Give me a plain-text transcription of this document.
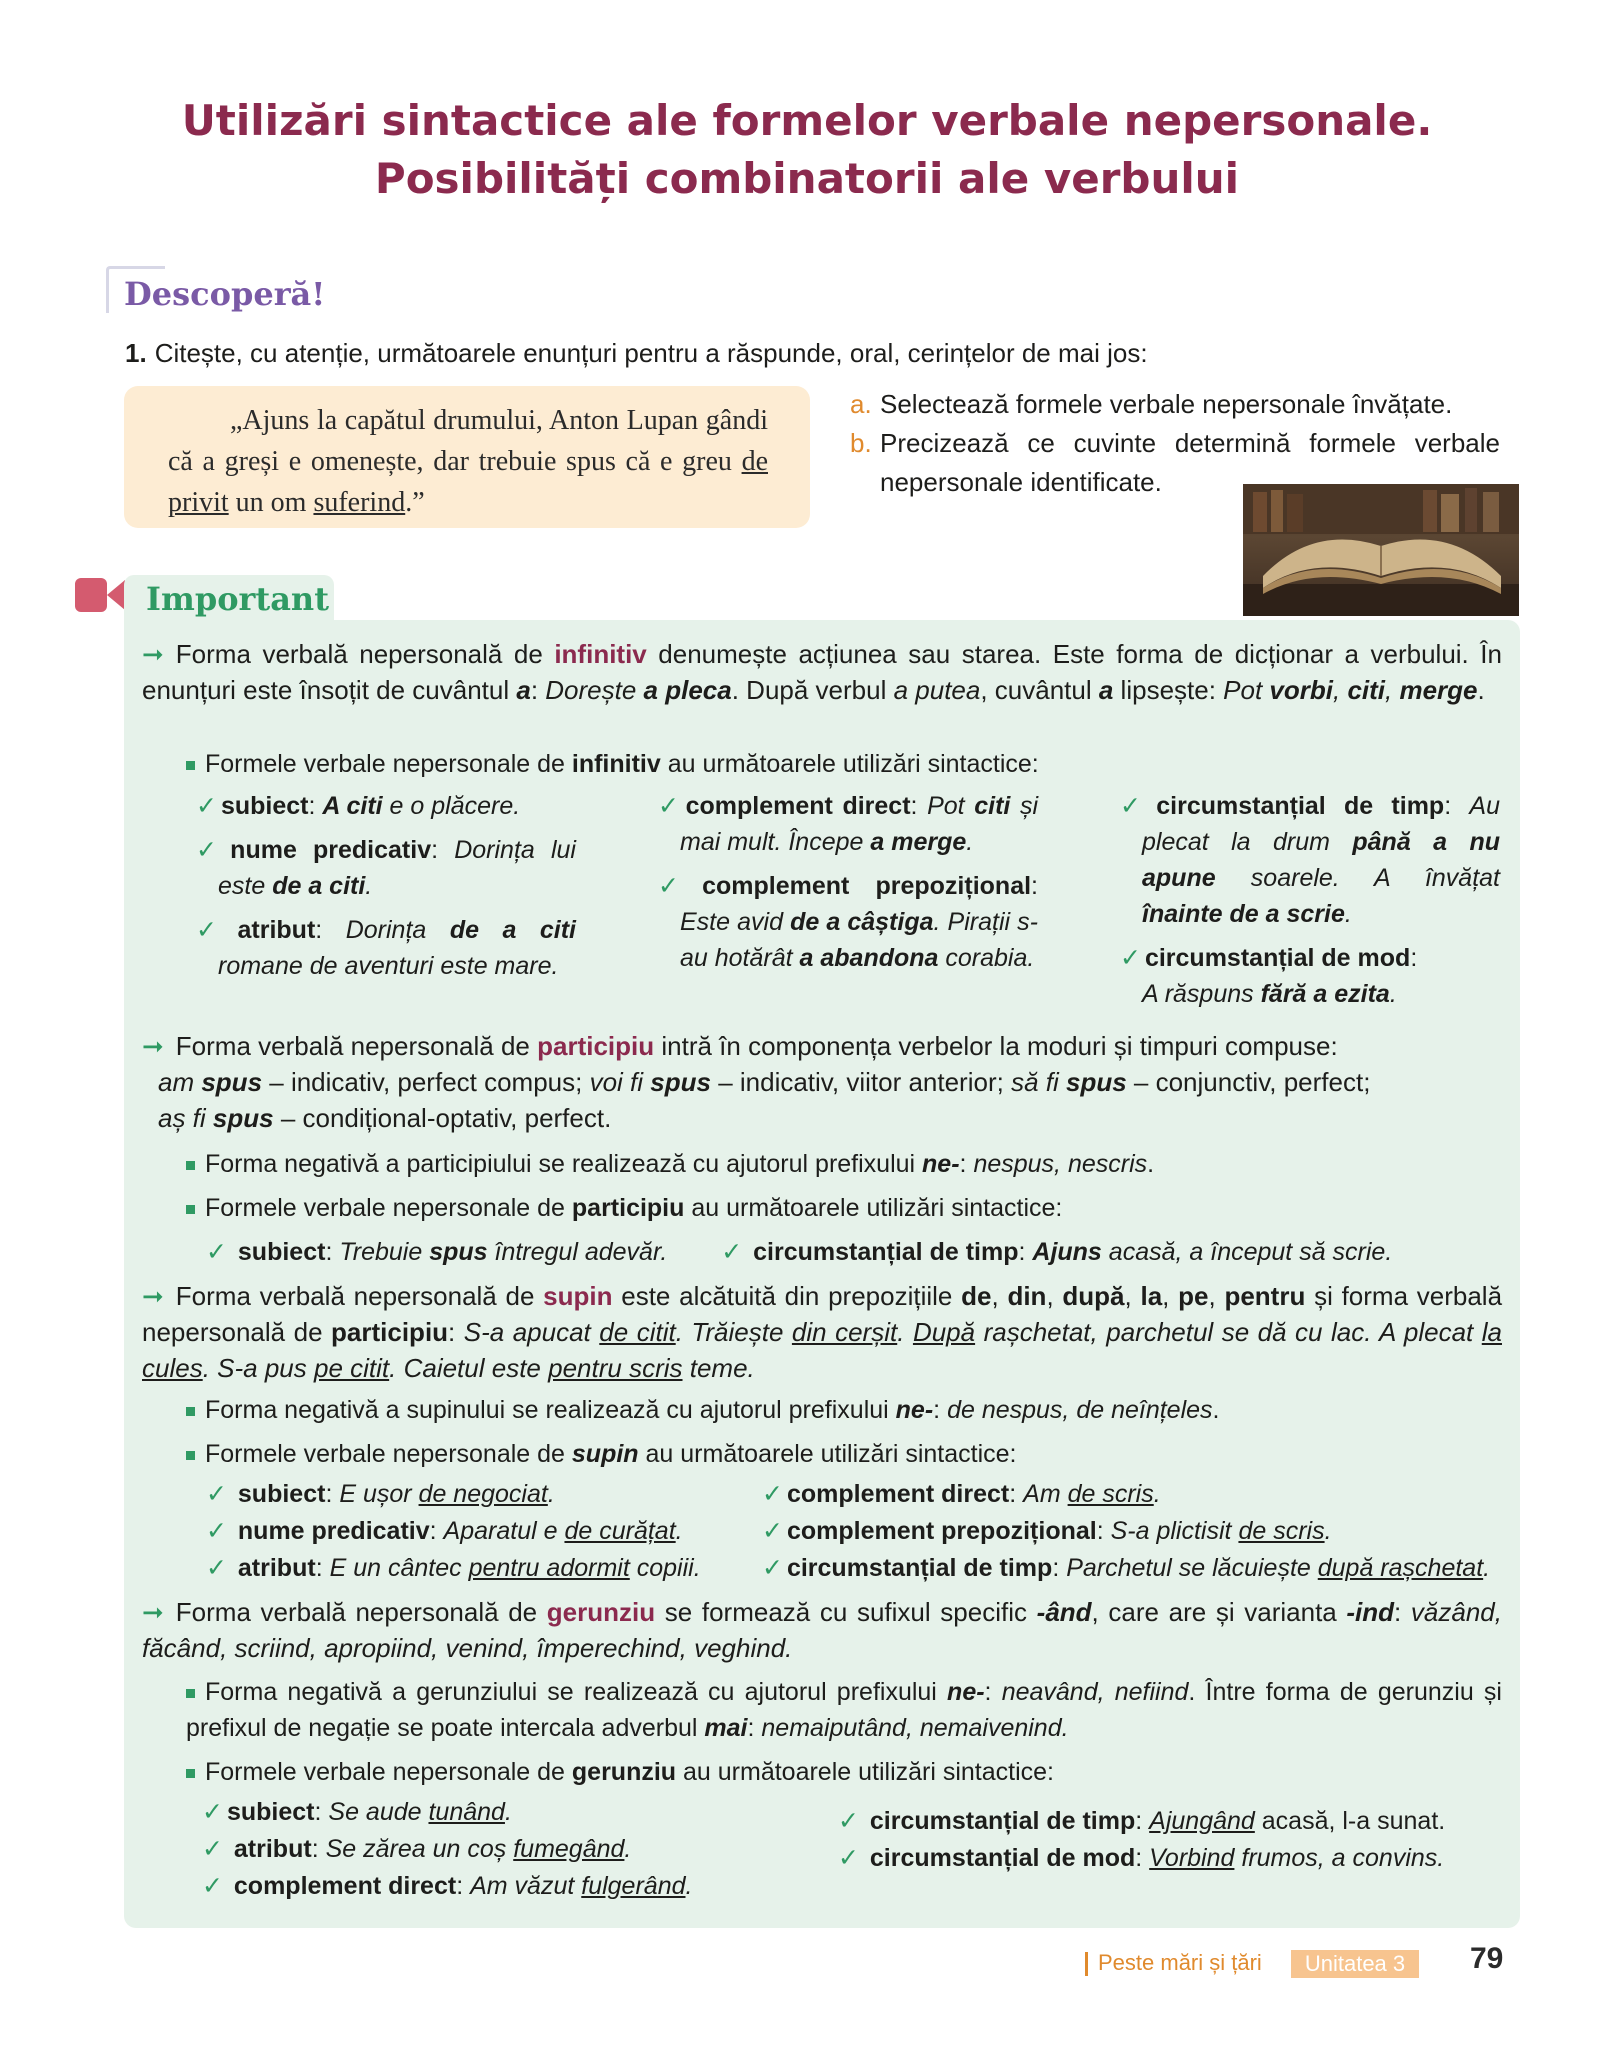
Utilizări sintactice ale formelor verbale nepersonale.
Posibilități combinatorii ale verbului
Descoperă!
1. Citește, cu atenție, următoarele enunțuri pentru a răspunde, oral, cerințelor de mai jos:
„Ajuns la capătul drumului, Anton Lupan gândi că a greși e omenește, dar trebuie spus că e greu de privit un om suferind.”
a. Selectează formele verbale nepersonale învățate.
b. Precizează ce cuvinte determină formele verbale nepersonale identificate.
Important
➞ Forma verbală nepersonală de infinitiv denumește acțiunea sau starea. Este forma de dicționar a verbului. În enunțuri este însoțit de cuvântul a: Dorește a pleca. După verbul a putea, cuvântul a lipsește: Pot vorbi, citi, merge.
Formele verbale nepersonale de infinitiv au următoarele utilizări sintactice:
✓ subiect: A citi e o plăcere.
✓ nume predicativ: Dorința lui este de a citi.
✓ atribut: Dorința de a citi romane de aventuri este mare.
✓ complement direct: Pot citi și mai mult. Începe a merge.
✓ complement prepozițional: Este avid de a câștiga. Pirații s-au hotărât a abandona corabia.
✓ circumstanțial de timp: Au plecat la drum până a nu apune soarele. A învățat înainte de a scrie.
✓ circumstanțial de mod:
A răspuns fără a ezita.
➞ Forma verbală nepersonală de participiu intră în componența verbelor la moduri și timpuri compuse:
am spus – indicativ, perfect compus; voi fi spus – indicativ, viitor anterior; să fi spus – conjunctiv, perfect;
aș fi spus – condițional-optativ, perfect.
Forma negativă a participiului se realizează cu ajutorul prefixului ne-: nespus, nescris.
Formele verbale nepersonale de participiu au următoarele utilizări sintactice:
✓ subiect: Trebuie spus întregul adevăr. ✓ circumstanțial de timp: Ajuns acasă, a început să scrie.
➞ Forma verbală nepersonală de supin este alcătuită din prepozițiile de, din, după, la, pe, pentru și forma verbală nepersonală de participiu: S-a apucat de citit. Trăiește din cerșit. După rașchetat, parchetul se dă cu lac. A plecat la cules. S-a pus pe citit. Caietul este pentru scris teme.
Forma negativă a supinului se realizează cu ajutorul prefixului ne-: de nespus, de neînțeles.
Formele verbale nepersonale de supin au următoarele utilizări sintactice:
✓ subiect: E ușor de negociat.
✓ nume predicativ: Aparatul e de curățat.
✓ atribut: E un cântec pentru adormit copiii.
✓ complement direct: Am de scris.
✓ complement prepozițional: S-a plictisit de scris.
✓ circumstanțial de timp: Parchetul se lăcuiește după rașchetat.
➞ Forma verbală nepersonală de gerunziu se formează cu sufixul specific -ând, care are și varianta -ind: văzând, făcând, scriind, apropiind, venind, împerechind, veghind.
Forma negativă a gerunziului se realizează cu ajutorul prefixului ne-: neavând, nefiind. Între forma de gerunziu și prefixul de negație se poate intercala adverbul mai: nemaiputând, nemaivenind.
Formele verbale nepersonale de gerunziu au următoarele utilizări sintactice:
✓ subiect: Se aude tunând.
✓ atribut: Se zărea un coș fumegând.
✓ complement direct: Am văzut fulgerând.
✓ circumstanțial de timp: Ajungând acasă, l-a sunat.
✓ circumstanțial de mod: Vorbind frumos, a convins.
Peste mări și țări	Unitatea 3	79
